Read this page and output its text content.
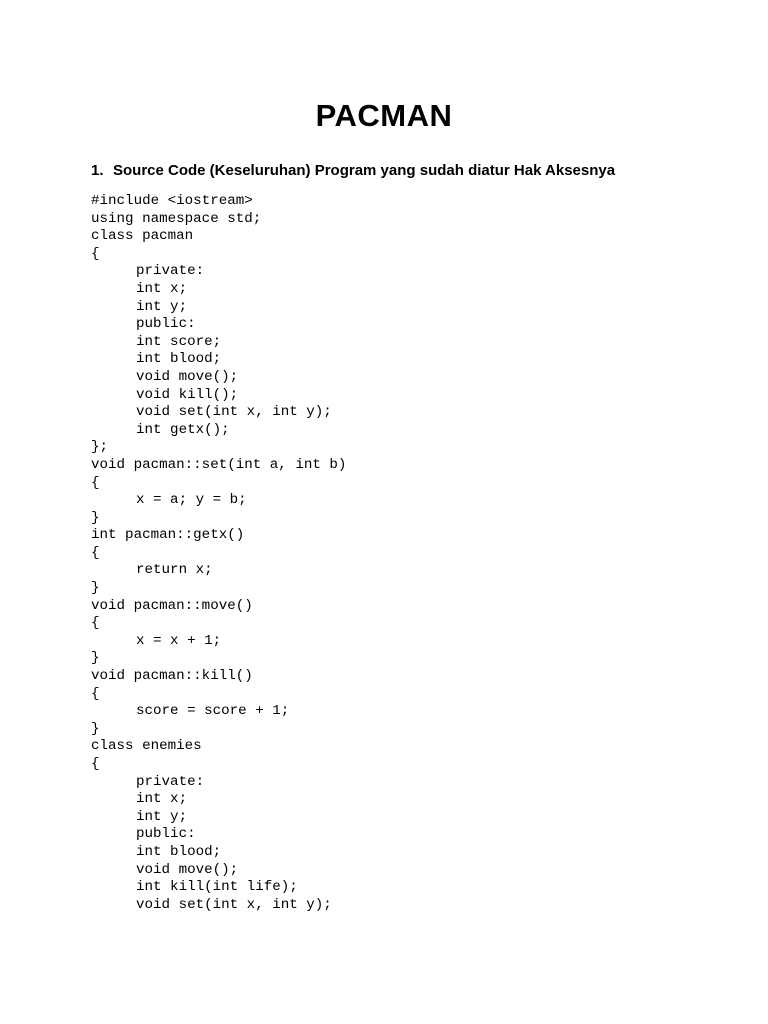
PACMAN
1. Source Code (Keseluruhan) Program yang sudah diatur Hak Aksesnya
#include <iostream>
using namespace std;
class pacman
{
private:
int x;
int y;
public:
int score;
int blood;
void move();
void kill();
void set(int x, int y);
int getx();
};
void pacman::set(int a, int b)
{
x = a; y = b;
}
int pacman::getx()
{
return x;
}
void pacman::move()
{
x = x + 1;
}
void pacman::kill()
{
score = score + 1;
}
class enemies
{
private:
int x;
int y;
public:
int blood;
void move();
int kill(int life);
void set(int x, int y);
